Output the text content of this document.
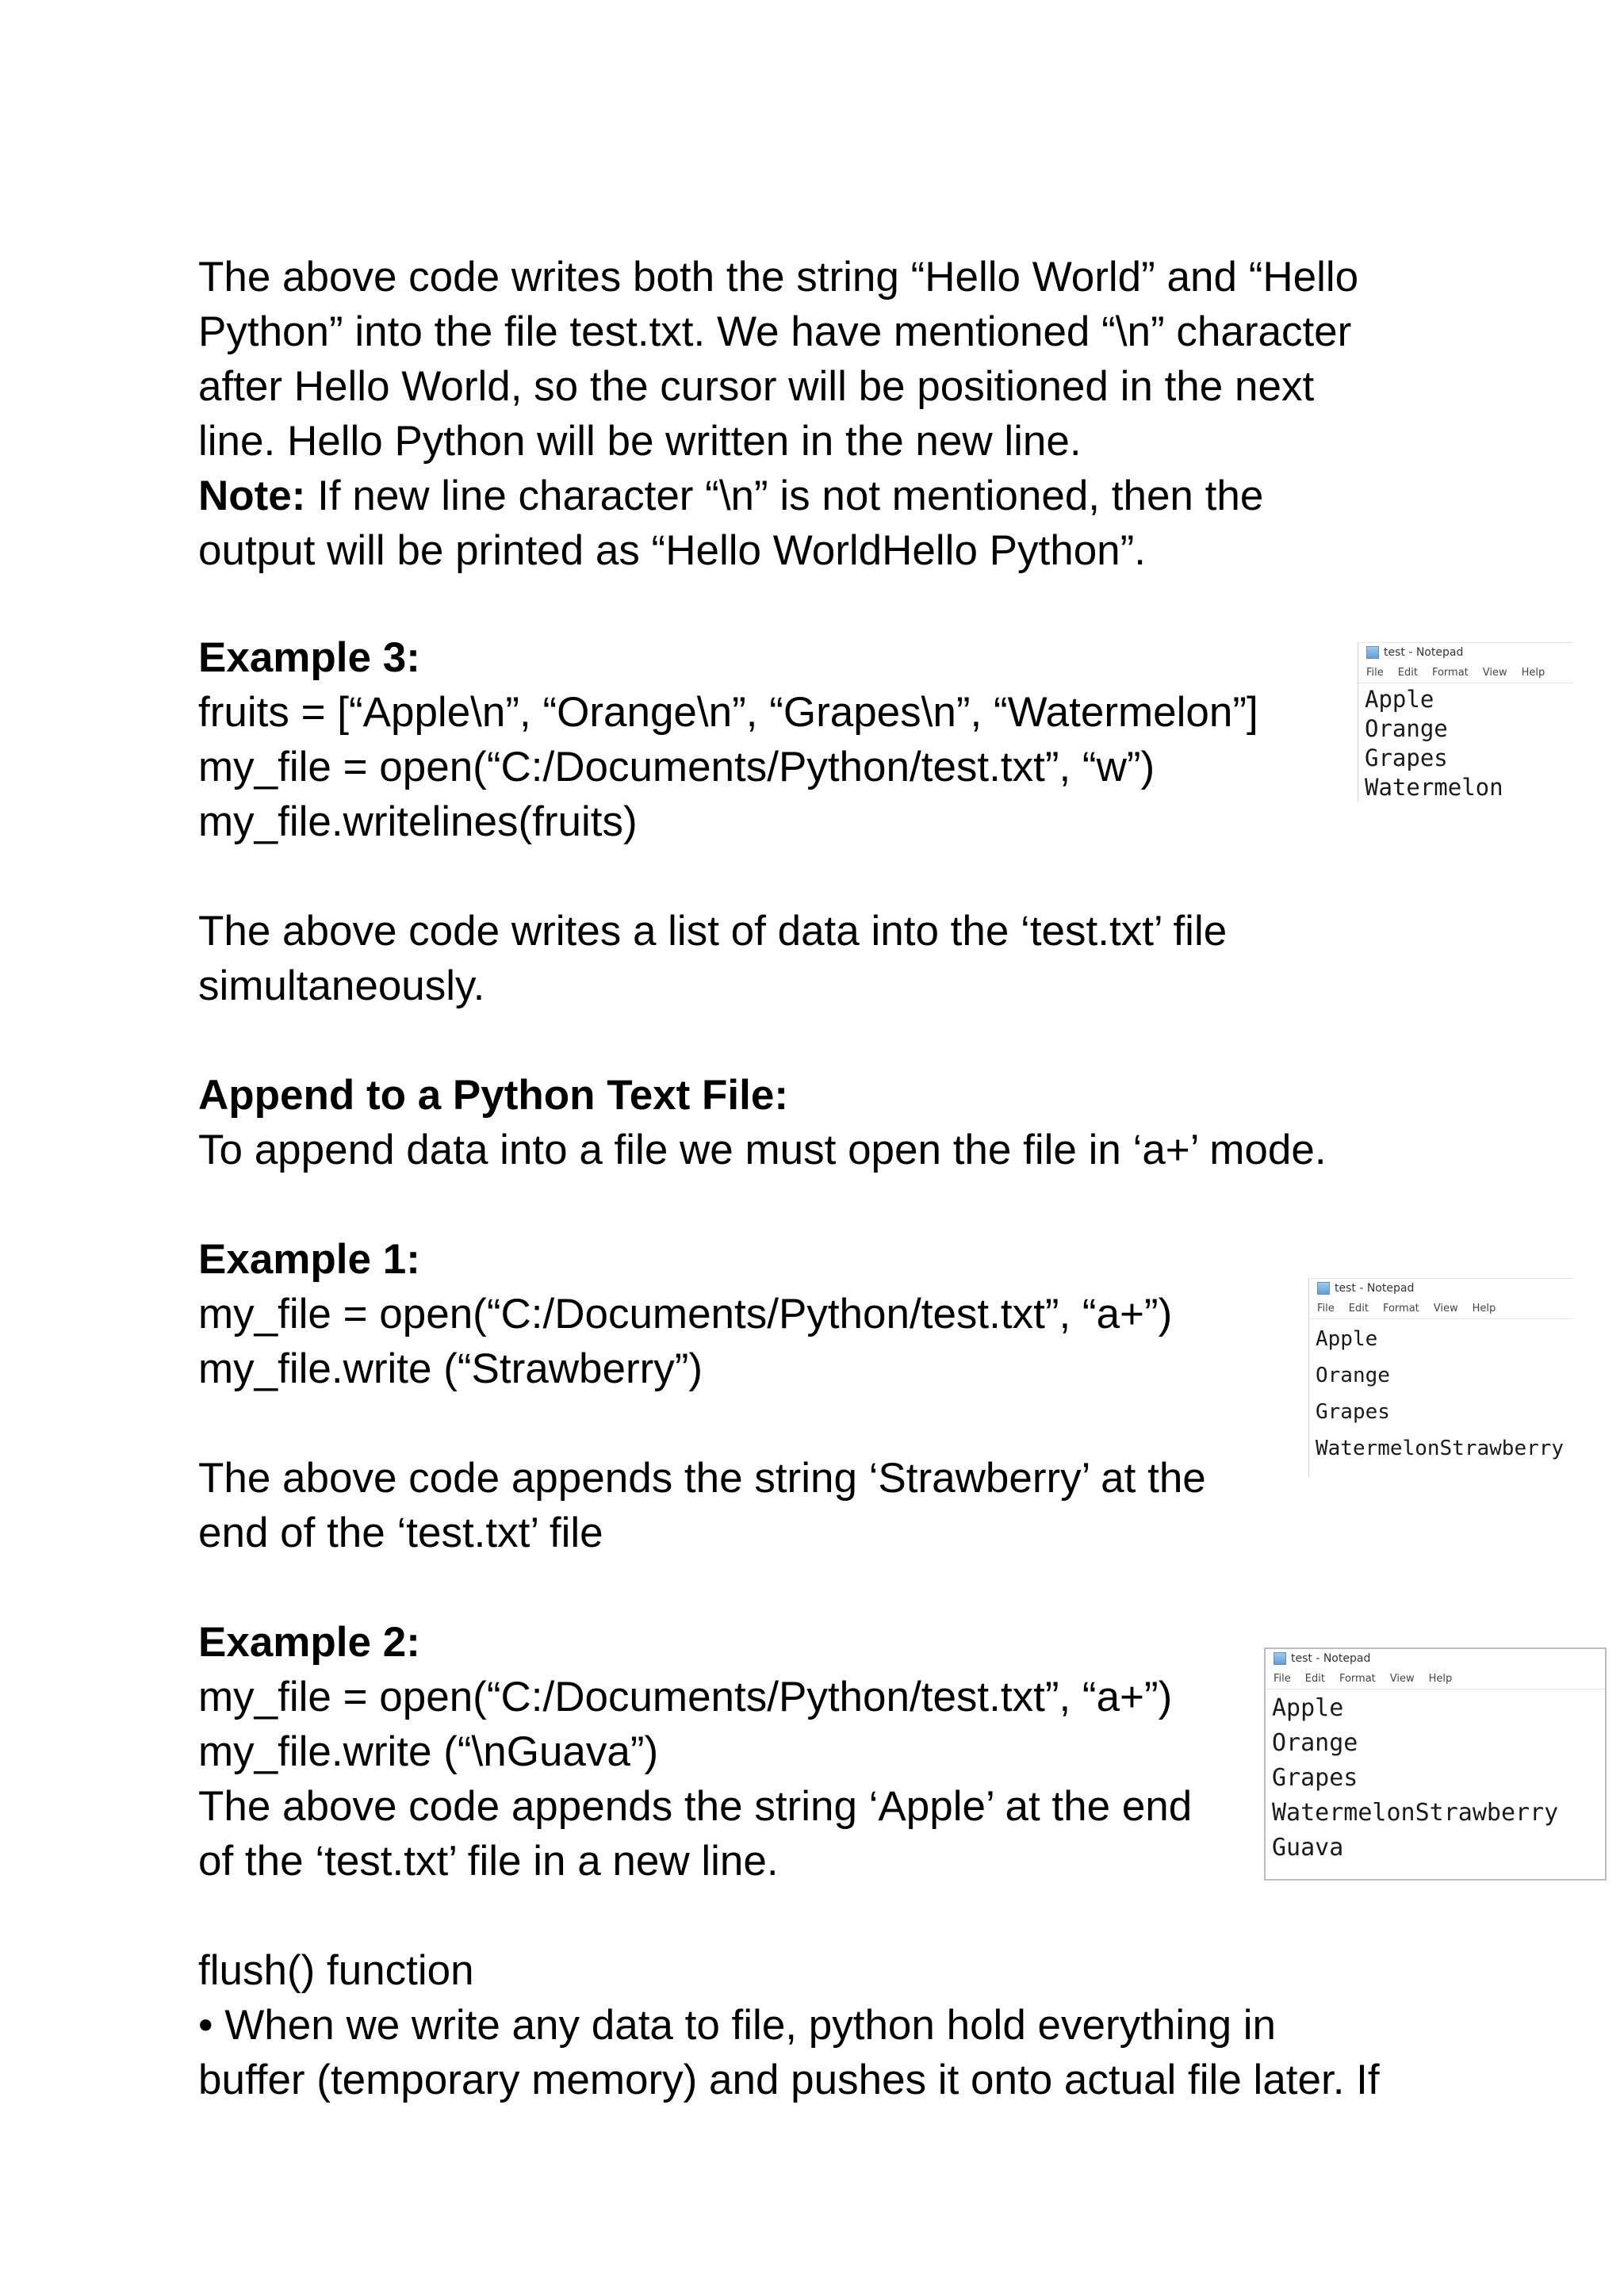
The above code writes both the string “Hello World” and “Hello
Python” into the file test.txt. We have mentioned “\n” character
after Hello World, so the cursor will be positioned in the next
line. Hello Python will be written in the new line.
Note: If new line character “\n” is not mentioned, then the
output will be printed as “Hello WorldHello Python”.
Example 3:
fruits = [“Apple\n”, “Orange\n”, “Grapes\n”, “Watermelon”]
my_file = open(“C:/Documents/Python/test.txt”, “w”)
my_file.writelines(fruits)
The above code writes a list of data into the ‘test.txt’ file
simultaneously.
Append to a Python Text File:
To append data into a file we must open the file in ‘a+’ mode.
Example 1:
my_file = open(“C:/Documents/Python/test.txt”, “a+”)
my_file.write (“Strawberry”)
The above code appends the string ‘Strawberry’ at the
end of the ‘test.txt’ file
Example 2:
my_file = open(“C:/Documents/Python/test.txt”, “a+”)
my_file.write (“\nGuava”)
The above code appends the string ‘Apple’ at the end
of the ‘test.txt’ file in a new line.
flush() function
• When we write any data to file, python hold everything in
buffer (temporary memory) and pushes it onto actual file later. If
test - Notepad
File Edit Format View Help
Apple
Orange
Grapes
Watermelon
test - Notepad
File Edit Format View Help
Apple
Orange
Grapes
WatermelonStrawberry
test - Notepad
File Edit Format View Help
Apple
Orange
Grapes
WatermelonStrawberry
Guava
